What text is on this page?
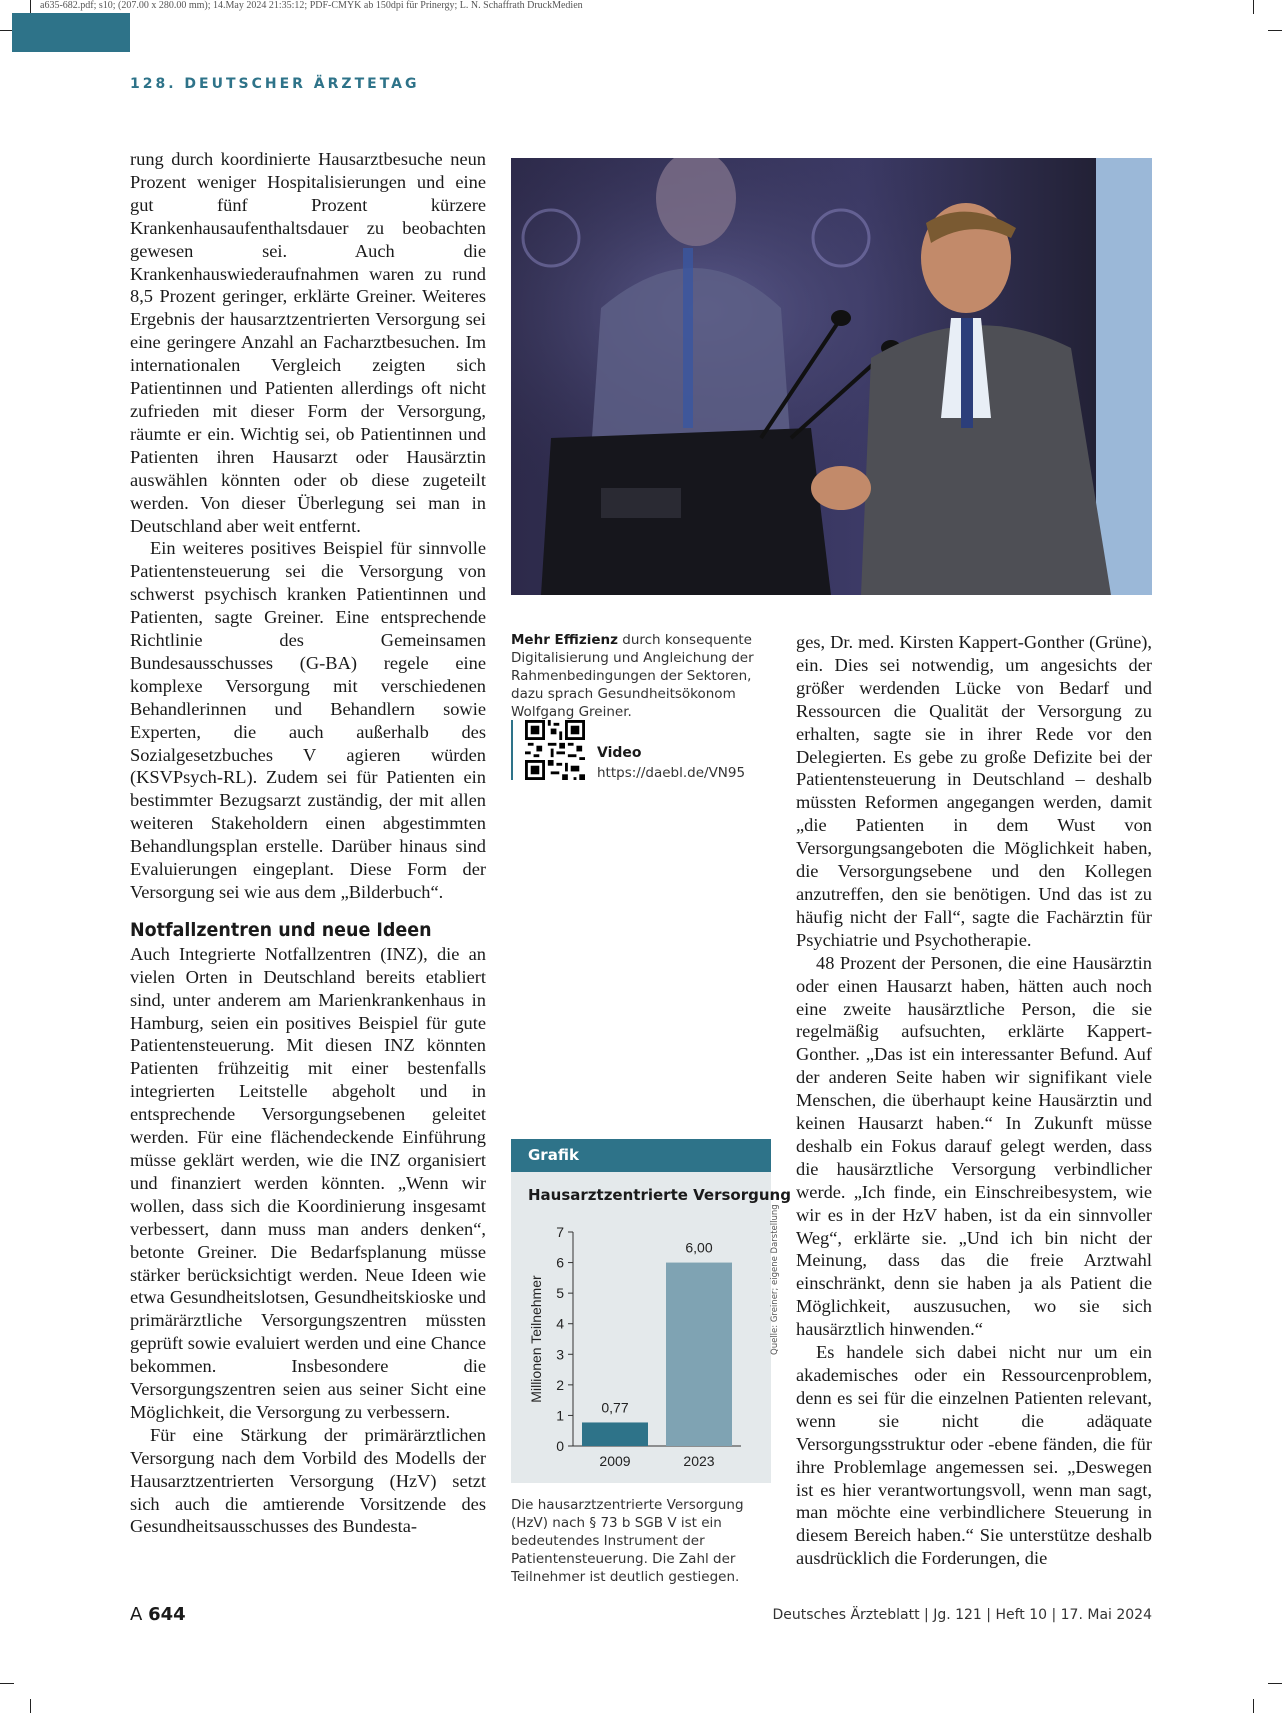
a635-682.pdf; s10; (207.00 x 280.00 mm); 14.May 2024 21:35:12; PDF-CMYK ab 150dpi für Prinergy; L. N. Schaffrath DruckMedien
128. DEUTSCHER ÄRZTETAG

rung durch koordinierte Hausarztbesuche neun Prozent weniger Hospitalisierungen und eine gut fünf Prozent kürzere Krankenhausaufenthaltsdauer zu beobachten gewesen sei. Auch die Krankenhauswiederaufnahmen waren zu rund 8,5 Prozent geringer, erklärte Greiner. Weiteres Ergebnis der hausarztzentrierten Versorgung sei eine geringere Anzahl an Facharztbesuchen. Im internationalen Vergleich zeigten sich Patientinnen und Patienten allerdings oft nicht zufrieden mit dieser Form der Versorgung, räumte er ein. Wichtig sei, ob Patientinnen und Patienten ihren Hausarzt oder Hausärztin auswählen könnten oder ob diese zugeteilt werden. Von dieser Überlegung sei man in Deutschland aber weit entfernt.

Ein weiteres positives Beispiel für sinnvolle Patientensteuerung sei die Versorgung von schwerst psychisch kranken Patientinnen und Patienten, sagte Greiner. Eine entsprechende Richtlinie des Gemeinsamen Bundesausschusses (G-BA) regele eine komplexe Versorgung mit verschiedenen Behandlerinnen und Behandlern sowie Experten, die auch außerhalb des Sozialgesetzbuches V agieren würden (KSVPsych-RL). Zudem sei für Patienten ein bestimmter Bezugsarzt zuständig, der mit allen weiteren Stakeholdern einen abgestimmten Behandlungsplan erstelle. Darüber hinaus sind Evaluierungen eingeplant. Diese Form der Versorgung sei wie aus dem „Bilderbuch“.

Notfallzentren und neue Ideen

Auch Integrierte Notfallzentren (INZ), die an vielen Orten in Deutschland bereits etabliert sind, unter anderem am Marienkrankenhaus in Hamburg, seien ein positives Beispiel für gute Patientensteuerung. Mit diesen INZ könnten Patienten frühzeitig mit einer bestenfalls integrierten Leitstelle abgeholt und in entsprechende Versorgungsebenen geleitet werden. Für eine flächendeckende Einführung müsse geklärt werden, wie die INZ organisiert und finanziert werden könnten. „Wenn wir wollen, dass sich die Koordinierung insgesamt verbessert, dann muss man anders denken“, betonte Greiner. Die Bedarfsplanung müsse stärker berücksichtigt werden. Neue Ideen wie etwa Gesundheitslotsen, Gesundheitskioske und primärärztliche Versorgungszentren müssten geprüft sowie evaluiert werden und eine Chance bekommen. Insbesondere die Versorgungszentren seien aus seiner Sicht eine Möglichkeit, die Versorgung zu verbessern.

Für eine Stärkung der primärärztlichen Versorgung nach dem Vorbild des Modells der Hausarztzentrierten Versorgung (HzV) setzt sich auch die amtierende Vorsitzende des Gesundheitsausschusses des Bundesta-

Mehr Effizienz durch konsequente Digitalisierung und Angleichung der Rahmenbedingungen der Sektoren, dazu sprach Gesundheitsökonom Wolfgang Greiner.
Video
https://daebl.de/VN95
Grafik
Hausarztzentrierte Versorgung
0
1
2
3
4
5
6
7
Millionen Teilnehmer
0,77
2009
6,00
2023
Quelle: Greiner; eigene Darstellung
Die hausarztzentrierte Versorgung (HzV) nach § 73 b SGB V ist ein bedeutendes Instrument der Patientensteuerung. Die Zahl der Teilnehmer ist deutlich gestiegen.

ges, Dr. med. Kirsten Kappert-Gonther (Grüne), ein. Dies sei notwendig, um angesichts der größer werdenden Lücke von Bedarf und Ressourcen die Qualität der Versorgung zu erhalten, sagte sie in ihrer Rede vor den Delegierten. Es gebe zu große Defizite bei der Patientensteuerung in Deutschland – deshalb müssten Reformen angegangen werden, damit „die Patienten in dem Wust von Versorgungsangeboten die Möglichkeit haben, die Versorgungsebene und den Kollegen anzutreffen, den sie benötigen. Und das ist zu häufig nicht der Fall“, sagte die Fachärztin für Psychiatrie und Psychotherapie.

48 Prozent der Personen, die eine Hausärztin oder einen Hausarzt haben, hätten auch noch eine zweite hausärztliche Person, die sie regelmäßig aufsuchten, erklärte Kappert-Gonther. „Das ist ein interessanter Befund. Auf der anderen Seite haben wir signifikant viele Menschen, die überhaupt keine Hausärztin und keinen Hausarzt haben.“ In Zukunft müsse deshalb ein Fokus darauf gelegt werden, dass die hausärztliche Versorgung verbindlicher werde. „Ich finde, ein Einschreibesystem, wie wir es in der HzV haben, ist da ein sinnvoller Weg“, erklärte sie. „Und ich bin nicht der Meinung, dass das die freie Arztwahl einschränkt, denn sie haben ja als Patient die Möglichkeit, auszusuchen, wo sie sich hausärztlich hinwenden.“

Es handele sich dabei nicht nur um ein akademisches oder ein Ressourcenproblem, denn es sei für die einzelnen Patienten relevant, wenn sie nicht die adäquate Versorgungsstruktur oder -ebene fänden, die für ihre Problemlage angemessen sei. „Deswegen ist es hier verantwortungsvoll, wenn man sagt, man möchte eine verbindlichere Steuerung in diesem Bereich haben.“ Sie unterstütze deshalb ausdrücklich die Forderungen, die

A 644	Deutsches Ärzteblatt | Jg. 121 | Heft 10 | 17. Mai 2024
